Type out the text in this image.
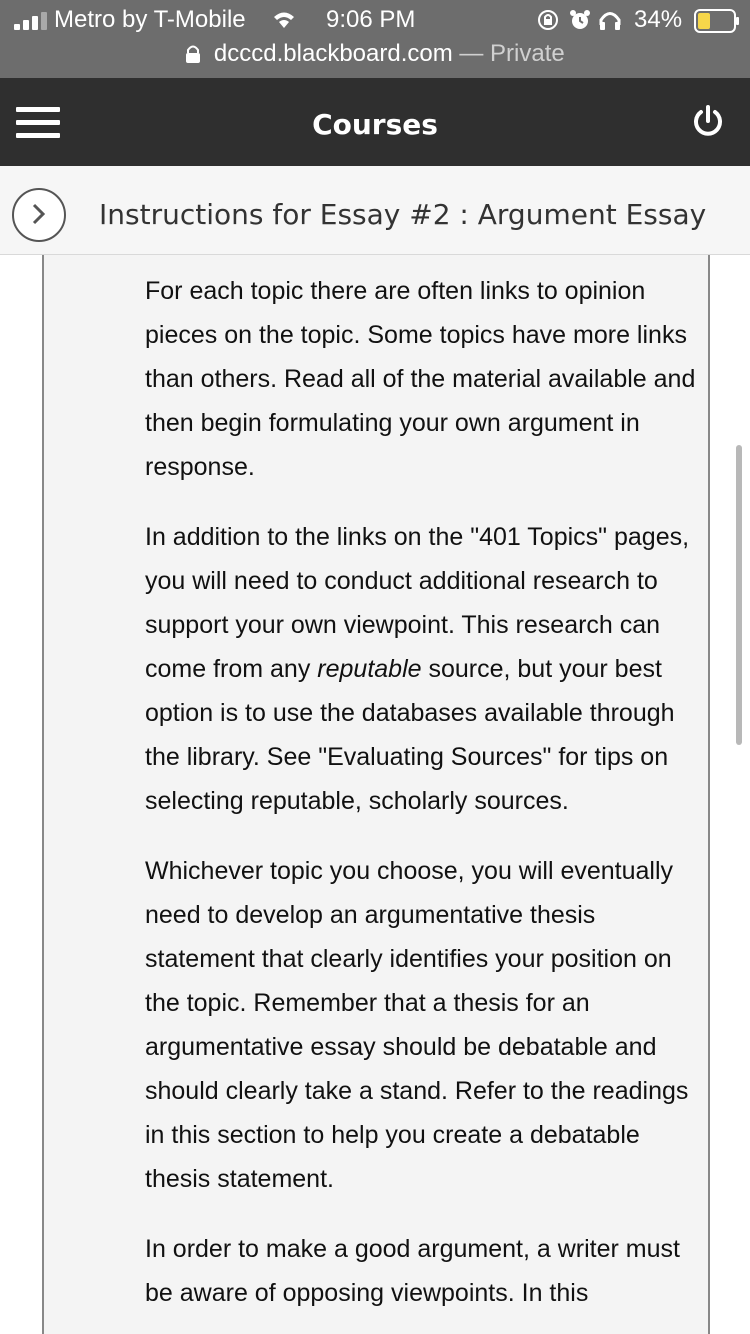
Metro by T-Mobile	9:06 PM	34%
dcccd.blackboard.com — Private
Courses
Instructions for Essay #2 : Argument Essay

For each topic there are often links to opinion pieces on the topic. Some topics have more links than others. Read all of the material available and then begin formulating your own argument in response.

In addition to the links on the "401 Topics" pages, you will need to conduct additional research to support your own viewpoint. This research can come from any reputable source, but your best option is to use the databases available through the library. See "Evaluating Sources" for tips on selecting reputable, scholarly sources.

Whichever topic you choose, you will eventually need to develop an argumentative thesis statement that clearly identifies your position on the topic. Remember that a thesis for an argumentative essay should be debatable and should clearly take a stand. Refer to the readings in this section to help you create a debatable thesis statement.

In order to make a good argument, a writer must be aware of opposing viewpoints. In this
